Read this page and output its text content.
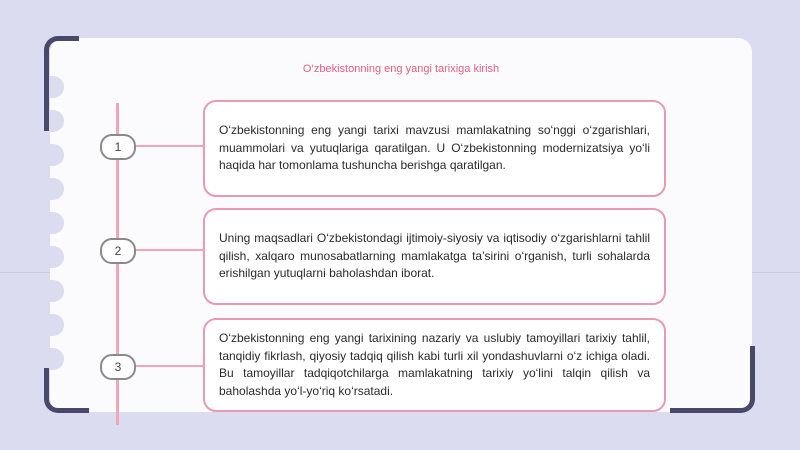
O‘zbekistonning eng yangi tarixiga kirish
1
2
3

O‘zbekistonning eng yangi tarixi mavzusi mamlakatning so‘nggi o‘zgarishlari, muammolari va yutuqlariga qaratilgan. U O‘zbekistonning modernizatsiya yo‘li haqida har tomonlama tushuncha berishga qaratilgan.

Uning maqsadlari O‘zbekistondagi ijtimoiy-siyosiy va iqtisodiy o‘zgarishlarni tahlil qilish, xalqaro munosabatlarning mamlakatga ta’sirini o‘rganish, turli sohalarda erishilgan yutuqlarni baholashdan iborat.

O‘zbekistonning eng yangi tarixining nazariy va uslubiy tamoyillari tarixiy tahlil, tanqidiy fikrlash, qiyosiy tadqiq qilish kabi turli xil yondashuvlarni o‘z ichiga oladi. Bu tamoyillar tadqiqotchilarga mamlakatning tarixiy yo‘lini talqin qilish va baholashda yo‘l-yo‘riq ko‘rsatadi.
